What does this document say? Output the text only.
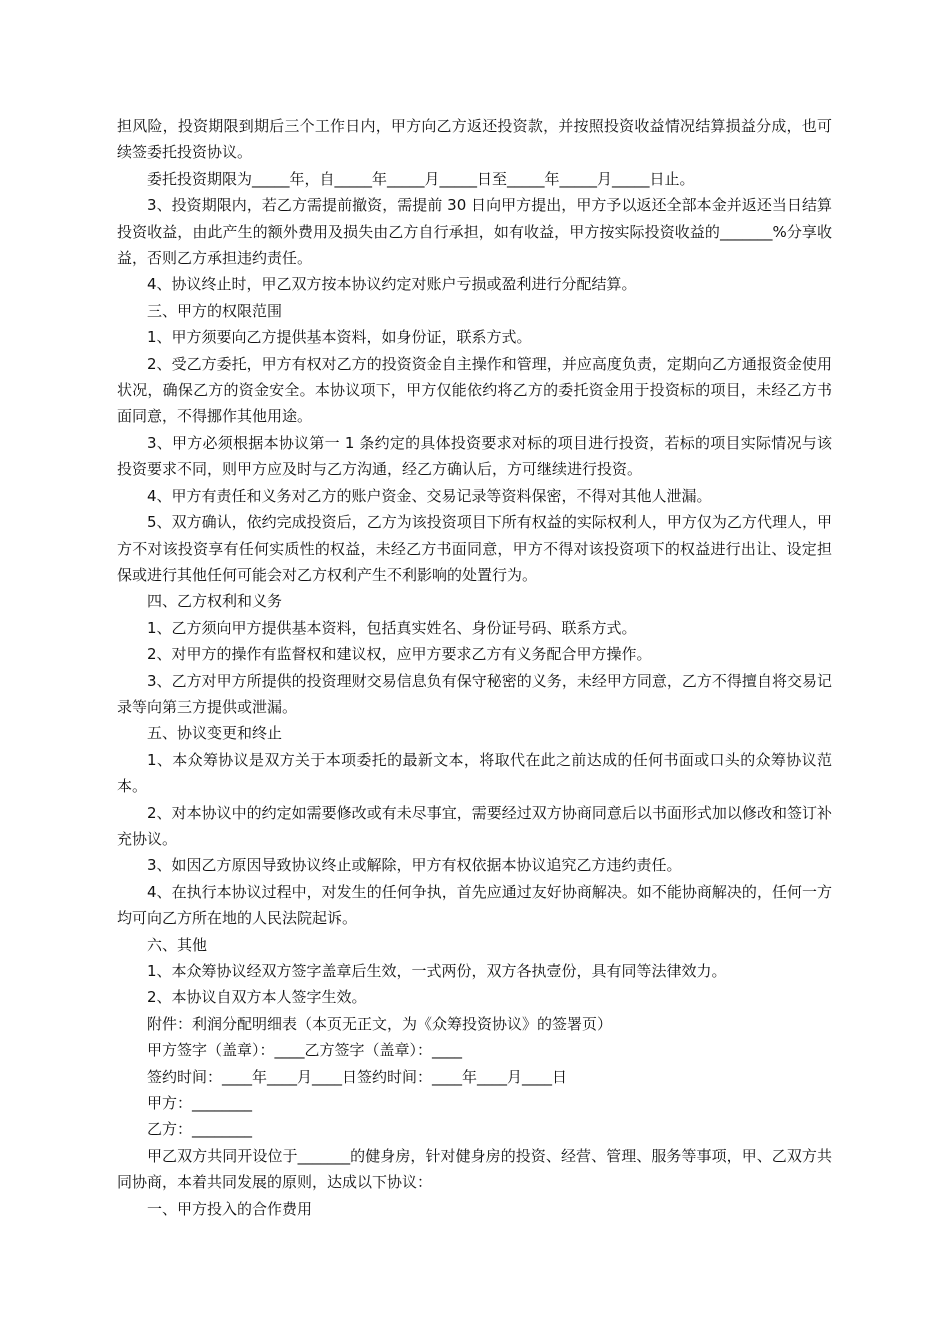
担风险，投资期限到期后三个工作日内，甲方向乙方返还投资款，并按照投资收益情况结算损益分成，也可续签委托投资协议。

委托投资期限为_____年，自_____年_____月_____日至_____年_____月_____日止。

3、投资期限内，若乙方需提前撤资，需提前 30 日向甲方提出，甲方予以返还全部本金并返还当日结算投资收益，由此产生的额外费用及损失由乙方自行承担，如有收益，甲方按实际投资收益的_______%分享收益，否则乙方承担违约责任。

4、协议终止时，甲乙双方按本协议约定对账户亏损或盈利进行分配结算。

三、甲方的权限范围

1、甲方须要向乙方提供基本资料，如身份证，联系方式。

2、受乙方委托，甲方有权对乙方的投资资金自主操作和管理，并应高度负责，定期向乙方通报资金使用状况，确保乙方的资金安全。本协议项下，甲方仅能依约将乙方的委托资金用于投资标的项目，未经乙方书面同意，不得挪作其他用途。

3、甲方必须根据本协议第一 1 条约定的具体投资要求对标的项目进行投资，若标的项目实际情况与该投资要求不同，则甲方应及时与乙方沟通，经乙方确认后，方可继续进行投资。

4、甲方有责任和义务对乙方的账户资金、交易记录等资料保密，不得对其他人泄漏。

5、双方确认，依约完成投资后，乙方为该投资项目下所有权益的实际权利人，甲方仅为乙方代理人，甲方不对该投资享有任何实质性的权益，未经乙方书面同意，甲方不得对该投资项下的权益进行出让、设定担保或进行其他任何可能会对乙方权利产生不利影响的处置行为。

四、乙方权利和义务

1、乙方须向甲方提供基本资料，包括真实姓名、身份证号码、联系方式。

2、对甲方的操作有监督权和建议权，应甲方要求乙方有义务配合甲方操作。

3、乙方对甲方所提供的投资理财交易信息负有保守秘密的义务，未经甲方同意，乙方不得擅自将交易记录等向第三方提供或泄漏。

五、协议变更和终止

1、本众筹协议是双方关于本项委托的最新文本，将取代在此之前达成的任何书面或口头的众筹协议范本。

2、对本协议中的约定如需要修改或有未尽事宜，需要经过双方协商同意后以书面形式加以修改和签订补充协议。

3、如因乙方原因导致协议终止或解除，甲方有权依据本协议追究乙方违约责任。

4、在执行本协议过程中，对发生的任何争执，首先应通过友好协商解决。如不能协商解决的，任何一方均可向乙方所在地的人民法院起诉。

六、其他

1、本众筹协议经双方签字盖章后生效，一式两份，双方各执壹份，具有同等法律效力。

2、本协议自双方本人签字生效。

附件：利润分配明细表（本页无正文，为《众筹投资协议》的签署页）

甲方签字（盖章）：____乙方签字（盖章）：____

签约时间：____年____月____日签约时间：____年____月____日

甲方：________

乙方：________

甲乙双方共同开设位于_______的健身房，针对健身房的投资、经营、管理、服务等事项，甲、乙双方共同协商，本着共同发展的原则，达成以下协议：

一、甲方投入的合作费用
